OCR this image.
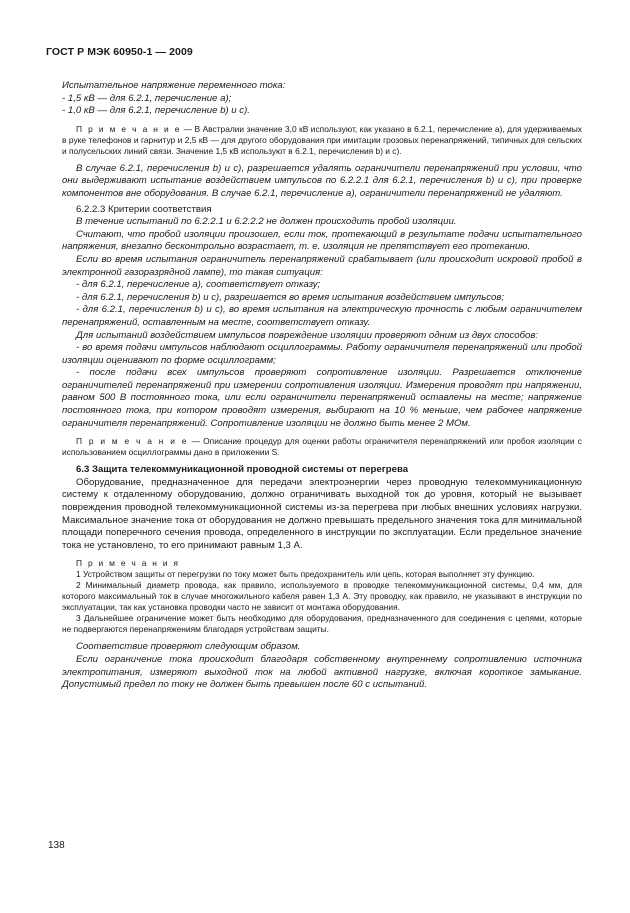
ГОСТ Р МЭК 60950-1 — 2009

Испытательное напряжение переменного тока:

- 1,5 кВ — для 6.2.1, перечисление а);

- 1,0 кВ — для 6.2.1, перечисление b) и с).

П р и м е ч а н и е — В Австралии значение 3,0 кВ используют, как указано в 6.2.1, перечисление а), для удерживаемых в руке телефонов и гарнитур и 2,5 кВ — для другого оборудования при имитации грозовых перенапряжений, типичных для сельских и полусельских линий связи. Значение 1,5 кВ используют в 6.2.1, перечисления b) и с).

В случае 6.2.1, перечисления b) и с), разрешается удалять ограничители перенапряжений при условии, что они выдерживают испытание воздействием импульсов по 6.2.2.1 для 6.2.1, перечисления b) и с), при проверке компонентов вне оборудования. В случае 6.2.1, перечисление а), ограничители перенапряжений не удаляют.

6.2.2.3 Критерии соответствия

В течение испытаний по 6.2.2.1 и 6.2.2.2 не должен происходить пробой изоляции.

Считают, что пробой изоляции произошел, если ток, протекающий в результате подачи испытательного напряжения, внезапно бесконтрольно возрастает, т. е. изоляция не препятствует его протеканию.

Если во время испытания ограничитель перенапряжений срабатывает (или происходит искровой пробой в электронной газоразрядной лампе), то такая ситуация:

- для 6.2.1, перечисление а), соответствует отказу;

- для 6.2.1, перечисления b) и с), разрешается во время испытания воздействием импульсов;

- для 6.2.1, перечисления b) и с), во время испытания на электрическую прочность с любым ограничителем перенапряжений, оставленным на месте, соответствует отказу.

Для испытаний воздействием импульсов повреждение изоляции проверяют одним из двух способов:

- во время подачи импульсов наблюдают осциллограммы. Работу ограничителя перенапряжений или пробой изоляции оценивают по форме осциллограмм;

- после подачи всех импульсов проверяют сопротивление изоляции. Разрешается отключение ограничителей перенапряжений при измерении сопротивления изоляции. Измерения проводят при напряжении, равном 500 В постоянного тока, или если ограничители перенапряжений оставлены на месте; напряжение постоянного тока, при котором проводят измерения, выбирают на 10 % меньше, чем рабочее напряжение ограничителя перенапряжений. Сопротивление изоляции не должно быть менее 2 МОм.

П р и м е ч а н и е — Описание процедур для оценки работы ограничителя перенапряжений или пробоя изоляции с использованием осциллограммы дано в приложении S.

6.3 Защита телекоммуникационной проводной системы от перегрева

Оборудование, предназначенное для передачи электроэнергии через проводную телекоммуникационную систему к отдаленному оборудованию, должно ограничивать выходной ток до уровня, который не вызывает повреждения проводной телекоммуникационной системы из-за перегрева при любых внешних условиях нагрузки. Максимальное значение тока от оборудования не должно превышать предельного значения тока для минимальной площади поперечного сечения провода, определенного в инструкции по эксплуатации. Если предельное значение тока не установлено, то его принимают равным 1,3 А.

П р и м е ч а н и я

1 Устройством защиты от перегрузки по току может быть предохранитель или цепь, которая выполняет эту функцию.

2 Минимальный диаметр провода, как правило, используемого в проводке телекоммуникационной системы, 0,4 мм, для которого максимальный ток в случае многожильного кабеля равен 1,3 А. Эту проводку, как правило, не указывают в инструкции по эксплуатации, так как установка проводки часто не зависит от монтажа оборудования.

3 Дальнейшее ограничение может быть необходимо для оборудования, предназначенного для соединения с цепями, которые не подвергаются перенапряжениям благодаря устройствам защиты.

Соответствие проверяют следующим образом.

Если ограничение тока происходит благодаря собственному внутреннему сопротивлению источника электропитания, измеряют выходной ток на любой активной нагрузке, включая короткое замыкание. Допустимый предел по току не должен быть превышен после 60 с испытаний.

138
